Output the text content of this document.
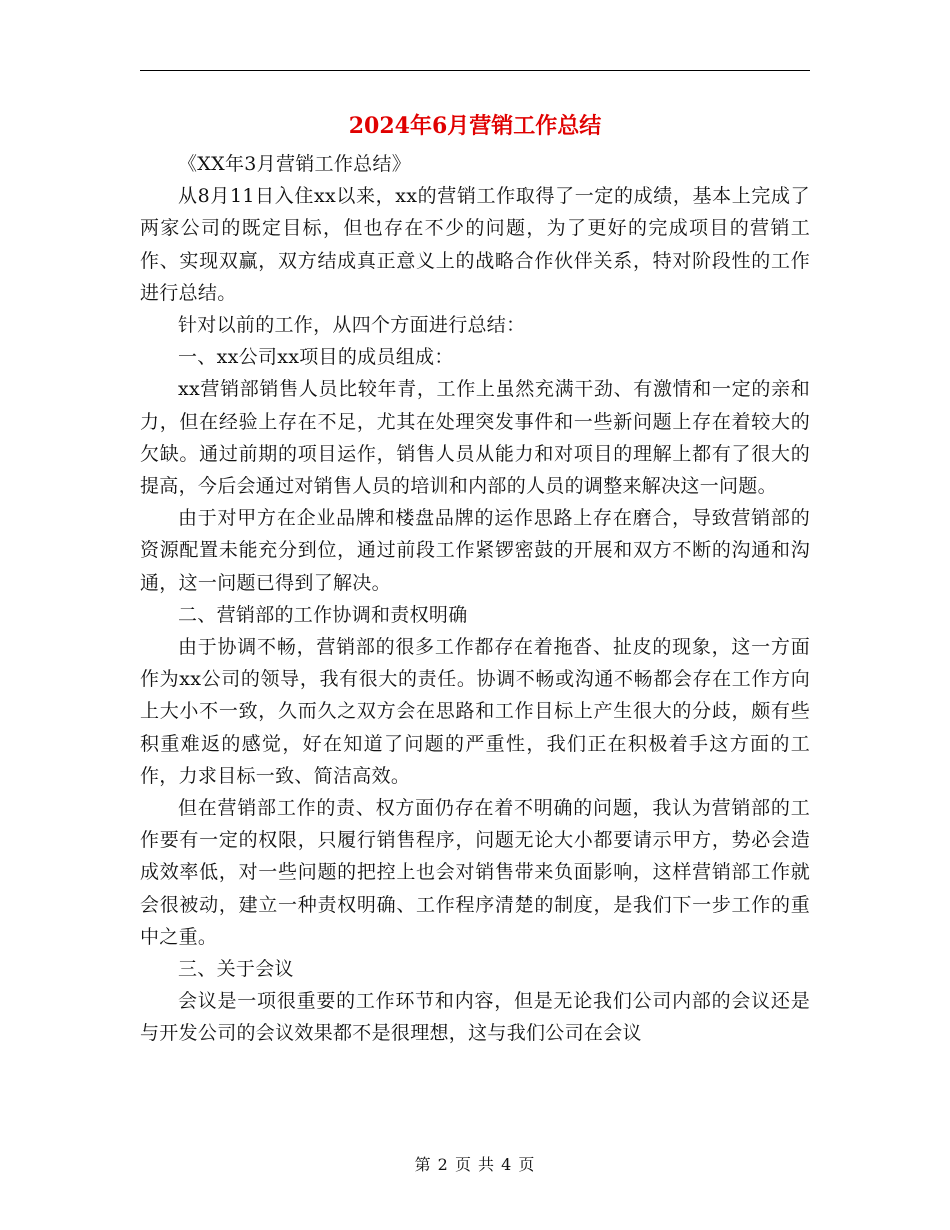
2024年6月营销工作总结

《XX年3月营销工作总结》

从8月11日入住xx以来，xx的营销工作取得了一定的成绩，基本上完成了两家公司的既定目标，但也存在不少的问题，为了更好的完成项目的营销工作、实现双赢，双方结成真正意义上的战略合作伙伴关系，特对阶段性的工作进行总结。

针对以前的工作，从四个方面进行总结：

一、xx公司xx项目的成员组成：

xx营销部销售人员比较年青，工作上虽然充满干劲、有激情和一定的亲和力，但在经验上存在不足，尤其在处理突发事件和一些新问题上存在着较大的欠缺。通过前期的项目运作，销售人员从能力和对项目的理解上都有了很大的提高，今后会通过对销售人员的培训和内部的人员的调整来解决这一问题。

由于对甲方在企业品牌和楼盘品牌的运作思路上存在磨合，导致营销部的资源配置未能充分到位，通过前段工作紧锣密鼓的开展和双方不断的沟通和沟通，这一问题已得到了解决。

二、营销部的工作协调和责权明确

由于协调不畅，营销部的很多工作都存在着拖沓、扯皮的现象，这一方面作为xx公司的领导，我有很大的责任。协调不畅或沟通不畅都会存在工作方向上大小不一致，久而久之双方会在思路和工作目标上产生很大的分歧，颇有些积重难返的感觉，好在知道了问题的严重性，我们正在积极着手这方面的工作，力求目标一致、简洁高效。

但在营销部工作的责、权方面仍存在着不明确的问题，我认为营销部的工作要有一定的权限，只履行销售程序，问题无论大小都要请示甲方，势必会造成效率低，对一些问题的把控上也会对销售带来负面影响，这样营销部工作就会很被动，建立一种责权明确、工作程序清楚的制度，是我们下一步工作的重中之重。

三、关于会议

会议是一项很重要的工作环节和内容，但是无论我们公司内部的会议还是与开发公司的会议效果都不是很理想，这与我们公司在会议

第 2 页 共 4 页
